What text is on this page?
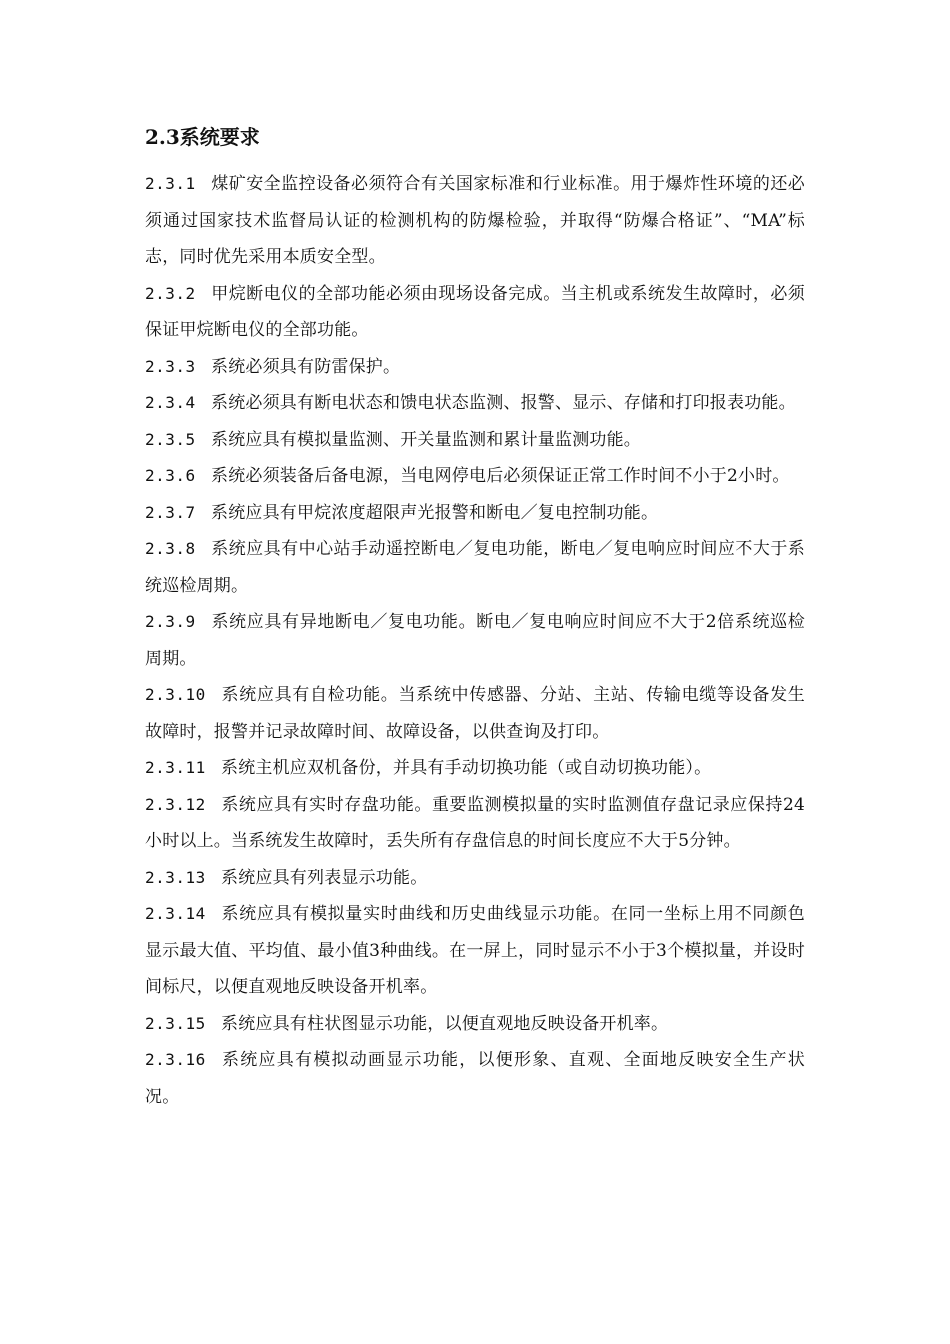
2.3系统要求

2.3.1 煤矿安全监控设备必须符合有关国家标准和行业标准。用于爆炸性环境的还必须通过国家技术监督局认证的检测机构的防爆检验，并取得“防爆合格证”、“MA”标志，同时优先采用本质安全型。

2.3.2 甲烷断电仪的全部功能必须由现场设备完成。当主机或系统发生故障时，必须保证甲烷断电仪的全部功能。

2.3.3 系统必须具有防雷保护。

2.3.4 系统必须具有断电状态和馈电状态监测、报警、显示、存储和打印报表功能。

2.3.5 系统应具有模拟量监测、开关量监测和累计量监测功能。

2.3.6 系统必须装备后备电源，当电网停电后必须保证正常工作时间不小于2小时。

2.3.7 系统应具有甲烷浓度超限声光报警和断电／复电控制功能。

2.3.8 系统应具有中心站手动遥控断电／复电功能，断电／复电响应时间应不大于系统巡检周期。

2.3.9 系统应具有异地断电／复电功能。断电／复电响应时间应不大于2倍系统巡检周期。

2.3.10 系统应具有自检功能。当系统中传感器、分站、主站、传输电缆等设备发生故障时，报警并记录故障时间、故障设备，以供查询及打印。

2.3.11 系统主机应双机备份，并具有手动切换功能（或自动切换功能）。

2.3.12 系统应具有实时存盘功能。重要监测模拟量的实时监测值存盘记录应保持24小时以上。当系统发生故障时，丢失所有存盘信息的时间长度应不大于5分钟。

2.3.13 系统应具有列表显示功能。

2.3.14 系统应具有模拟量实时曲线和历史曲线显示功能。在同一坐标上用不同颜色显示最大值、平均值、最小值3种曲线。在一屏上，同时显示不小于3个模拟量，并设时间标尺，以便直观地反映设备开机率。

2.3.15 系统应具有柱状图显示功能，以便直观地反映设备开机率。

2.3.16 系统应具有模拟动画显示功能，以便形象、直观、全面地反映安全生产状况。
